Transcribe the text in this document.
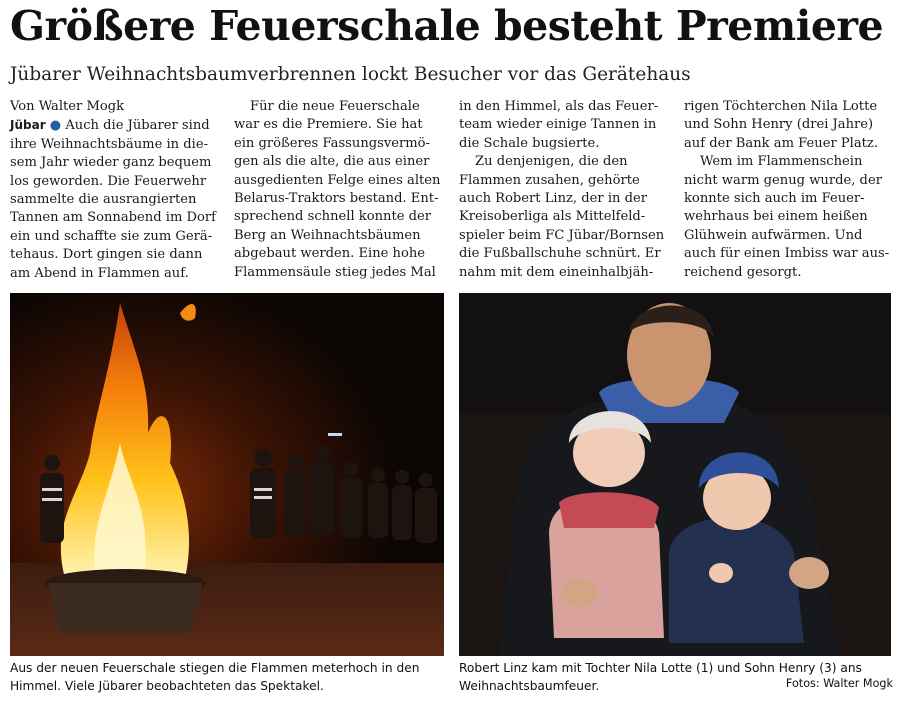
Größere Feuerschale besteht Premiere
Jübarer Weihnachtsbaumverbrennen lockt Besucher vor das Gerätehaus
Von Walter Mogk
Jübar ● Auch die Jübarer sind
ihre Weihnachtsbäume in die-
sem Jahr wieder ganz bequem
los geworden. Die Feuerwehr
sammelte die ausrangierten
Tannen am Sonnabend im Dorf
ein und schaffte sie zum Gerä-
tehaus. Dort gingen sie dann
am Abend in Flammen auf.
Für die neue Feuerschale
war es die Premiere. Sie hat
ein größeres Fassungsvermö-
gen als die alte, die aus einer
ausgedienten Felge eines alten
Belarus-Traktors bestand. Ent-
sprechend schnell konnte der
Berg an Weihnachtsbäumen
abgebaut werden. Eine hohe
Flammensäule stieg jedes Mal
in den Himmel, als das Feuer-
team wieder einige Tannen in
die Schale bugsierte.
Zu denjenigen, die den
Flammen zusahen, gehörte
auch Robert Linz, der in der
Kreisoberliga als Mittelfeld-
spieler beim FC Jübar/Bornsen
die Fußballschuhe schnürt. Er
nahm mit dem eineinhalbjäh-
rigen Töchterchen Nila Lotte
und Sohn Henry (drei Jahre)
auf der Bank am Feuer Platz.
Wem im Flammenschein
nicht warm genug wurde, der
konnte sich auch im Feuer-
wehrhaus bei einem heißen
Glühwein aufwärmen. Und
auch für einen Imbiss war aus-
reichend gesorgt.
Aus der neuen Feuerschale stiegen die Flammen meterhoch in den
Himmel. Viele Jübarer beobachteten das Spektakel.
Robert Linz kam mit Tochter Nila Lotte (1) und Sohn Henry (3) ans
Weihnachtsbaumfeuer.	Fotos: Walter Mogk
